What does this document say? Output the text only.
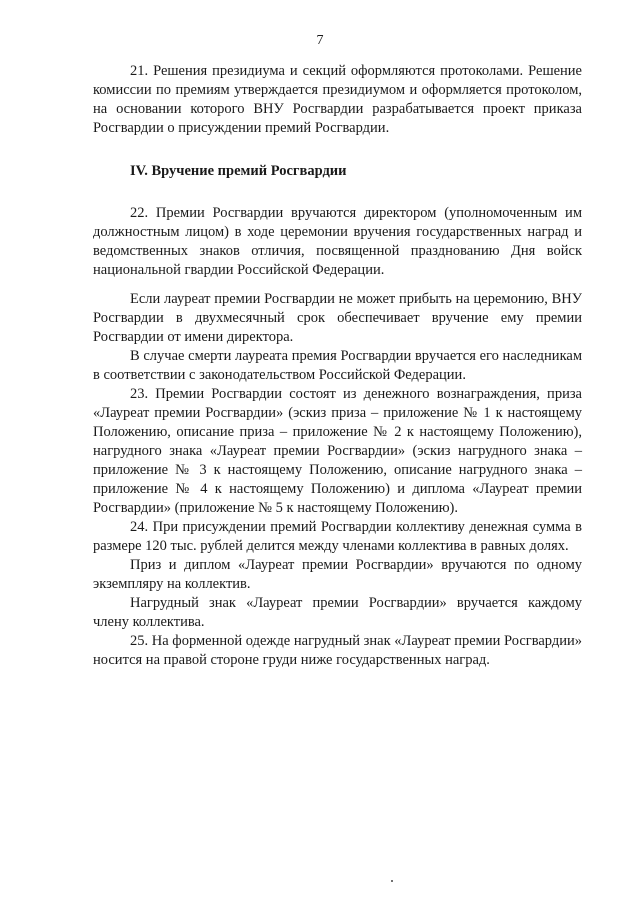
7

21. Решения президиума и секций оформляются протоколами. Решение комиссии по премиям утверждается президиумом и оформляется протоколом, на основании которого ВНУ Росгвардии разрабатывается проект приказа Росгвардии о присуждении премий Росгвардии.

IV. Вручение премий Росгвардии

22. Премии Росгвардии вручаются директором (уполномоченным им должностным лицом) в ходе церемонии вручения государственных наград и ведомственных знаков отличия, посвященной празднованию Дня войск национальной гвардии Российской Федерации.

Если лауреат премии Росгвардии не может прибыть на церемонию, ВНУ Росгвардии в двухмесячный срок обеспечивает вручение ему премии Росгвардии от имени директора.

В случае смерти лауреата премия Росгвардии вручается его наследникам в соответствии с законодательством Российской Федерации.

23. Премии Росгвардии состоят из денежного вознаграждения, приза «Лауреат премии Росгвардии» (эскиз приза – приложение № 1 к настоящему Положению, описание приза – приложение № 2 к настоящему Положению), нагрудного знака «Лауреат премии Росгвардии» (эскиз нагрудного знака – приложение № 3 к настоящему Положению, описание нагрудного знака – приложение № 4 к настоящему Положению) и диплома «Лауреат премии Росгвардии» (приложение № 5 к настоящему Положению).

24. При присуждении премий Росгвардии коллективу денежная сумма в размере 120 тыс. рублей делится между членами коллектива в равных долях.

Приз и диплом «Лауреат премии Росгвардии» вручаются по одному экземпляру на коллектив.

Нагрудный знак «Лауреат премии Росгвардии» вручается каждому члену коллектива.

25. На форменной одежде нагрудный знак «Лауреат премии Росгвардии» носится на правой стороне груди ниже государственных наград.
